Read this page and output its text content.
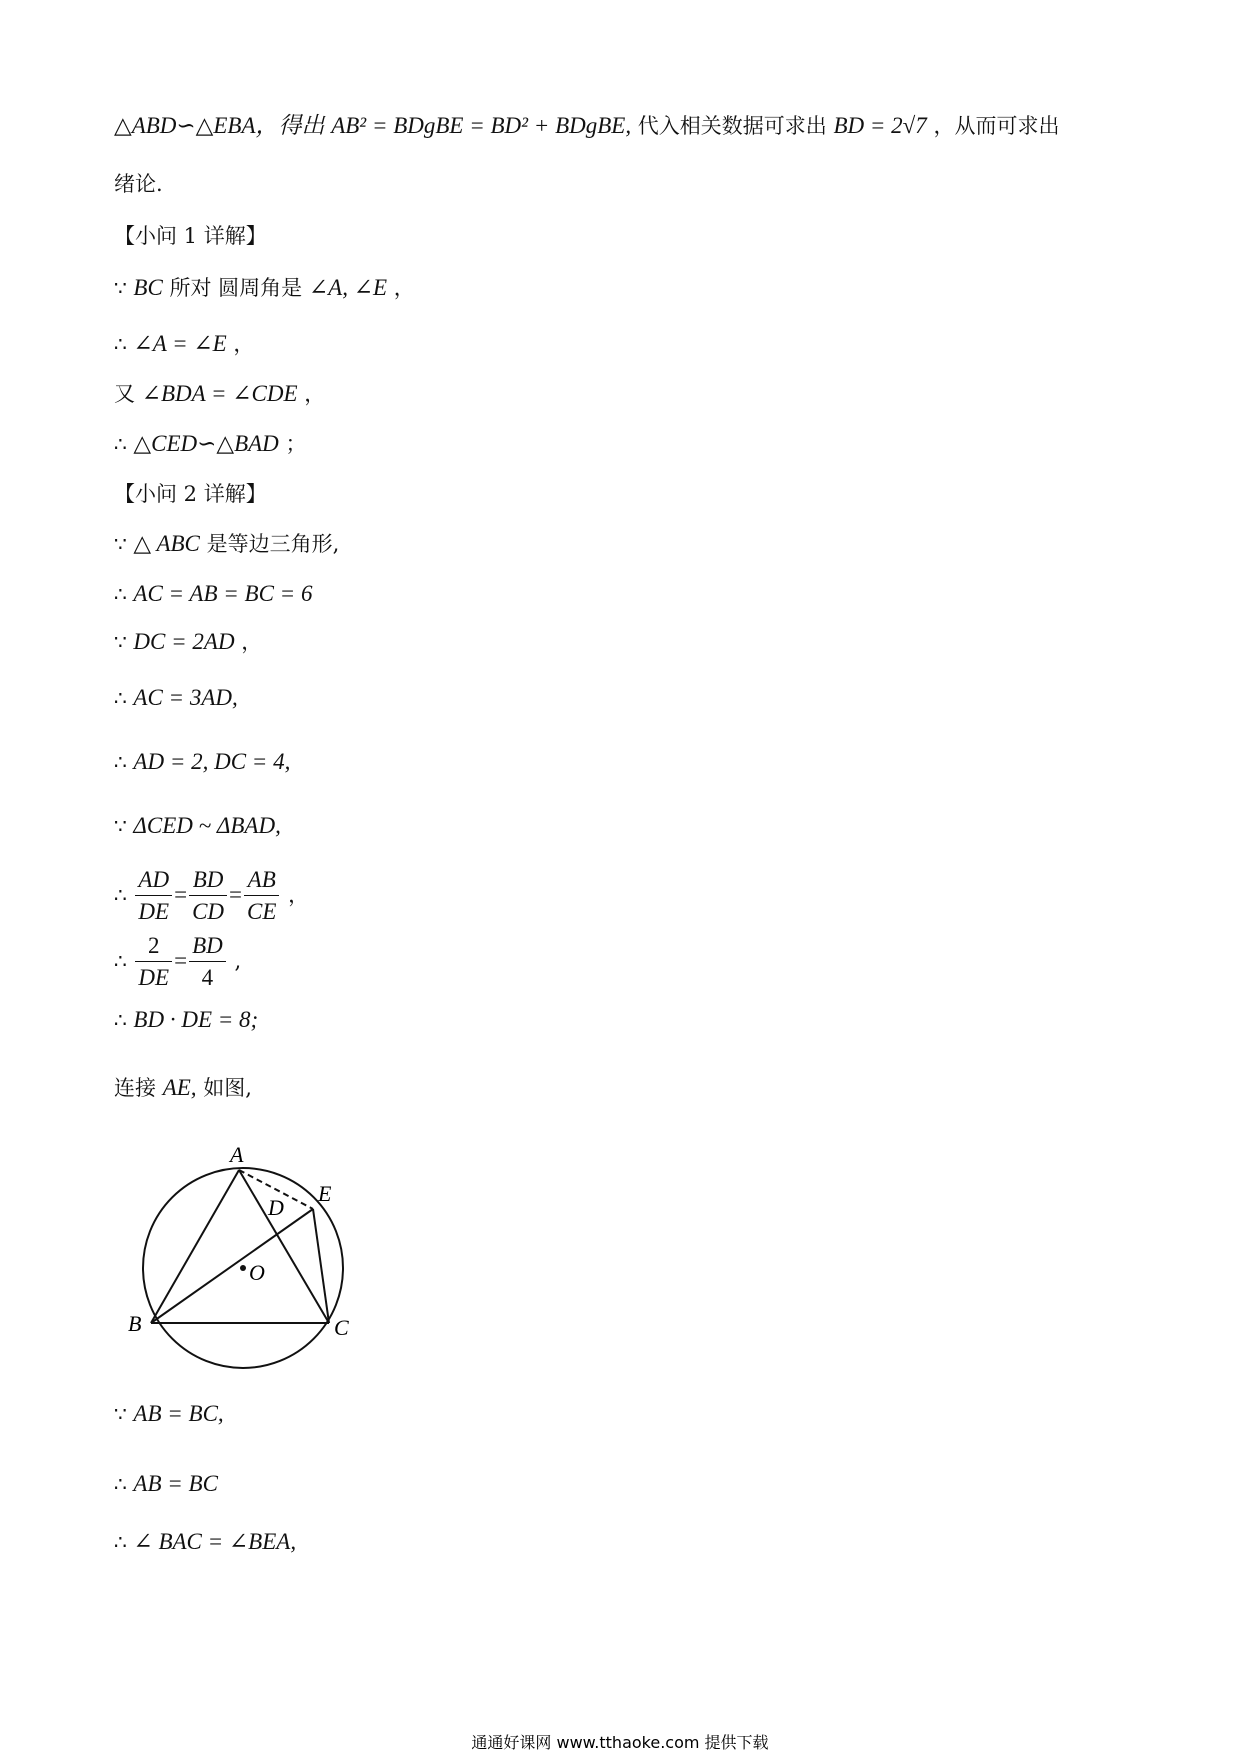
△ABD∽△EBA，得出 AB² = BDgBE = BD² + BDgBE, 代入相关数据可求出 BD = 2√7 ，从而可求出
绪论.
【小问 1 详解】
∵ BC 所对 圆周角是 ∠A, ∠E ，
∴ ∠A = ∠E ，
又 ∠BDA = ∠CDE ，
∴ △CED∽△BAD ；
【小问 2 详解】
∵ △ ABC 是等边三角形,
∴ AC = AB = BC = 6
∵ DC = 2AD ，
∴ AC = 3AD,
∴ AD = 2, DC = 4,
∵ ΔCED ~ ΔBAD,
∴ $\frac{AD}{DE} = \frac{BD}{CD} = \frac{AB}{CE}$ ，
∴ $\frac{2}{DE} = \frac{BD}{4}$ ,
∴ BD · DE = 8;
连接 AE, 如图,
A
B	C
D
E
O
∵ AB = BC,
∴ AB = BC
∴ ∠ BAC = ∠BEA,
通通好课网 www.tthaoke.com 提供下载
